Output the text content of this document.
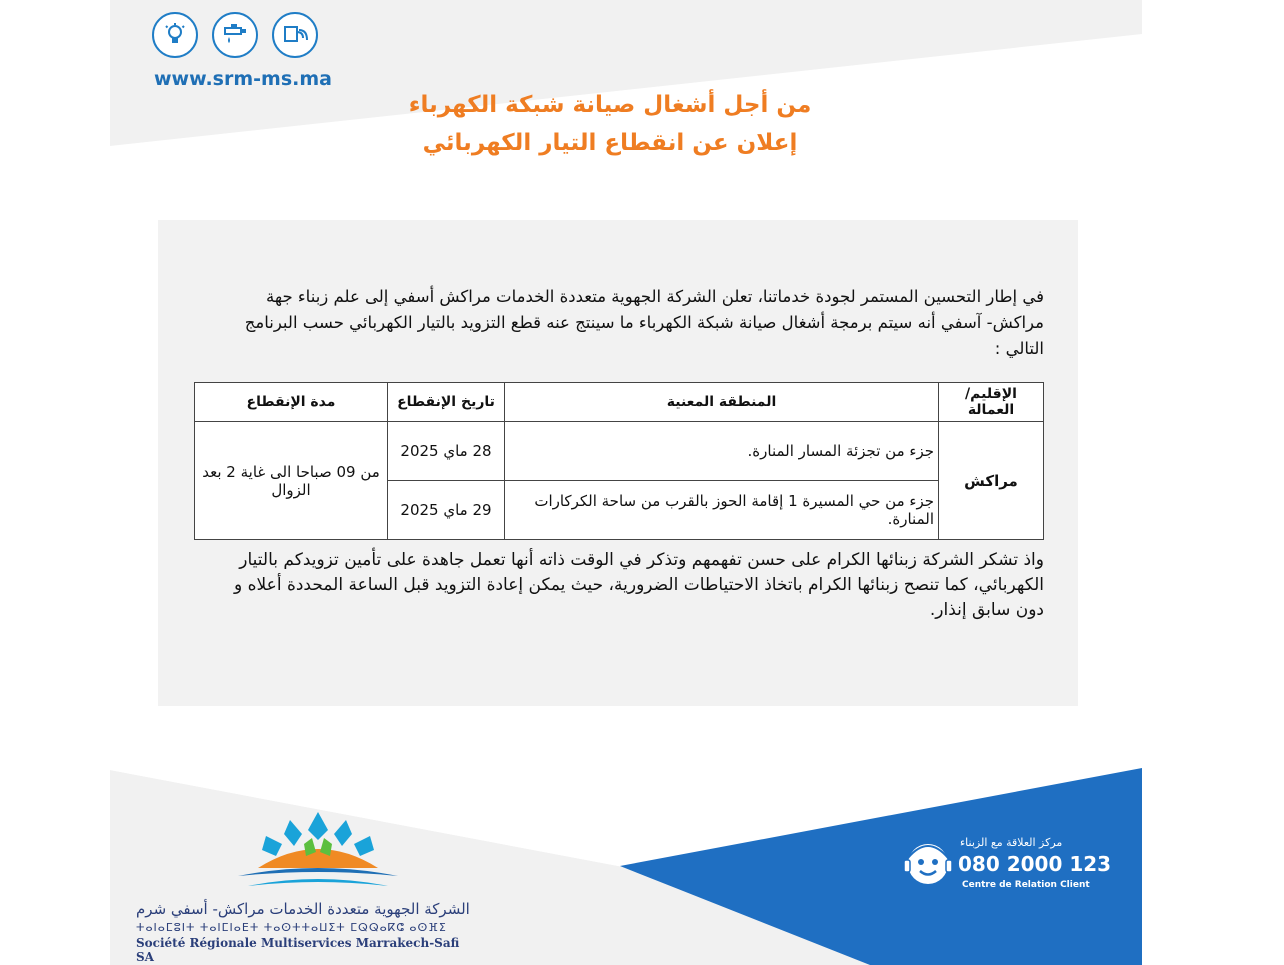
www.srm-ms.ma
من أجل أشغال صيانة شبكة الكهرباء
إعلان عن انقطاع التيار الكهربائي
في إطار التحسين المستمر لجودة خدماتنا، تعلن الشركة الجهوية متعددة الخدمات مراكش أسفي إلى علم زبناء جهة مراكش- آسفي أنه سيتم برمجة أشغال صيانة شبكة الكهرباء ما سينتج عنه قطع التزويد بالتيار الكهربائي حسب البرنامج التالي :
الإقليم/العمالة	المنطقة المعنية	تاريخ الإنقطاع	مدة الإنقطاع
مراكش	جزء من تجزئة المسار المنارة.	28 ماي 2025	من 09 صباحا الى غاية 2 بعد الزوال
	جزء من حي المسيرة 1 إقامة الحوز بالقرب من ساحة الكركارات المنارة.	29 ماي 2025	
واذ تشكر الشركة زبنائها الكرام على حسن تفهمهم وتذكر في الوقت ذاته أنها تعمل جاهدة على تأمين تزويدكم بالتيار الكهربائي، كما تنصح زبنائها الكرام باتخاذ الاحتياطات الضرورية، حيث يمكن إعادة التزويد قبل الساعة المحددة أعلاه و دون سابق إنذار.
الشركة الجهوية متعددة الخدمات مراكش- أسفي شرم
ⵜⴰⵏⴰⵎⵓⵏⵜ ⵜⴰⵏⵎⵏⴰⴹⵜ ⵜⴰⵙⵜⵜⴰⵡⵉⵜ ⵎⵕⵕⴰⴽⵛ ⴰⵙⴼⵉ
Société Régionale Multiservices Marrakech-Safi SA
مركز العلاقة مع الزبناء
080 2000 123
Centre de Relation Client
